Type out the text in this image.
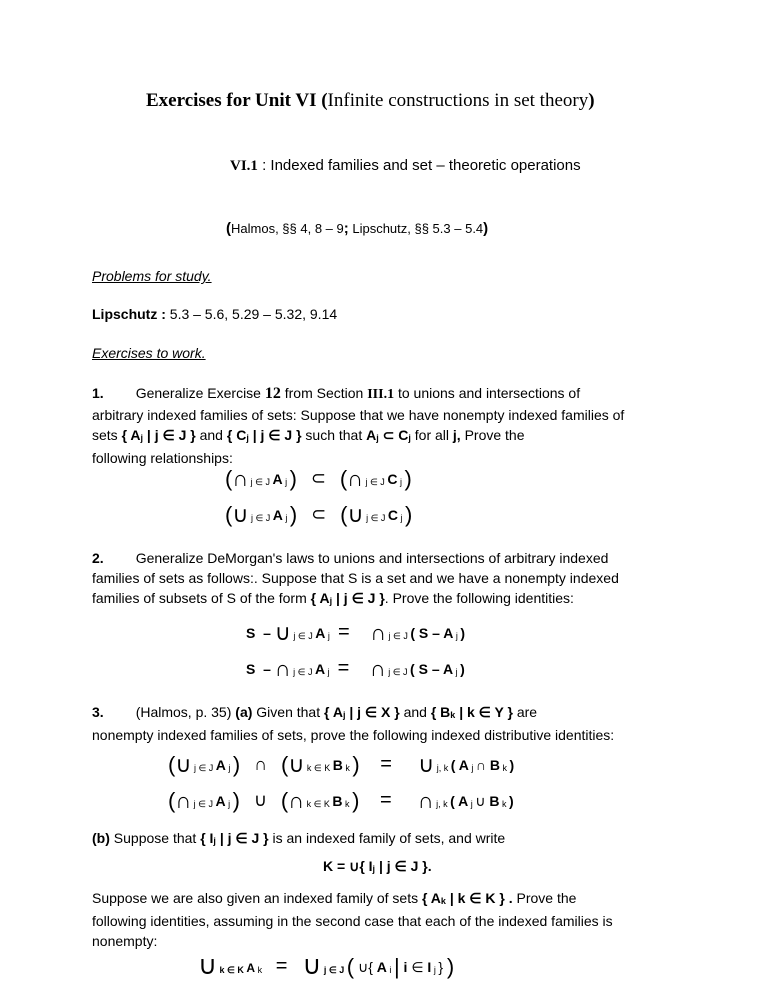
Exercises for Unit VI (Infinite constructions in set theory)
VI.1 : Indexed families and set – theoretic operations
(Halmos, §§ 4, 8 – 9; Lipschutz, §§ 5.3 – 5.4)
Problems for study.
Lipschutz : 5.3 – 5.6, 5.29 – 5.32, 9.14
Exercises to work.
1. Generalize Exercise 12 from Section III.1 to unions and intersections of
arbitrary indexed families of sets: Suppose that we have nonempty indexed families of
sets { Aj | j ∈ J } and { Cj | j ∈ J } such that Aj ⊂ Cj for all j, Prove the
following relationships:
(∩ j ∈ J A j )   ⊂   (∩ j ∈ J C j )
(∪ j ∈ J A j )   ⊂   (∪ j ∈ J C j )
2. Generalize DeMorgan's laws to unions and intersections of arbitrary indexed
families of sets as follows:. Suppose that S is a set and we have a nonempty indexed
families of subsets of S of the form { Aj | j ∈ J }. Prove the following identities:
S  – ∪ j ∈ J A j  =    ∩ j ∈ J ( S – A j )
S  – ∩ j ∈ J A j  =    ∩ j ∈ J ( S – A j )
3. (Halmos, p. 35) (a) Given that { Aj | j ∈ X } and { Bk | k ∈ Y } are
nonempty indexed families of sets, prove the following indexed distributive identities:
(∪ j ∈ J A j )   ∩   (∪ k ∈ K B k )    =     ∪ j, k ( A j ∩ B k )
(∩ j ∈ J A j )   ∪   (∩ k ∈ K B k )    =     ∩ j, k ( A j ∪ B k )
(b) Suppose that { Ij | j ∈ J } is an indexed family of sets, and write
K = ∪{ Ij | j ∈ J }.
Suppose we are also given an indexed family of sets { Ak | k ∈ K } . Prove the
following identities, assuming in the second case that each of the indexed families is
nonempty:
∪ k ∈ K A k   =   ∪ j ∈ J ( ∪{ A i | i ∈ I j } )
